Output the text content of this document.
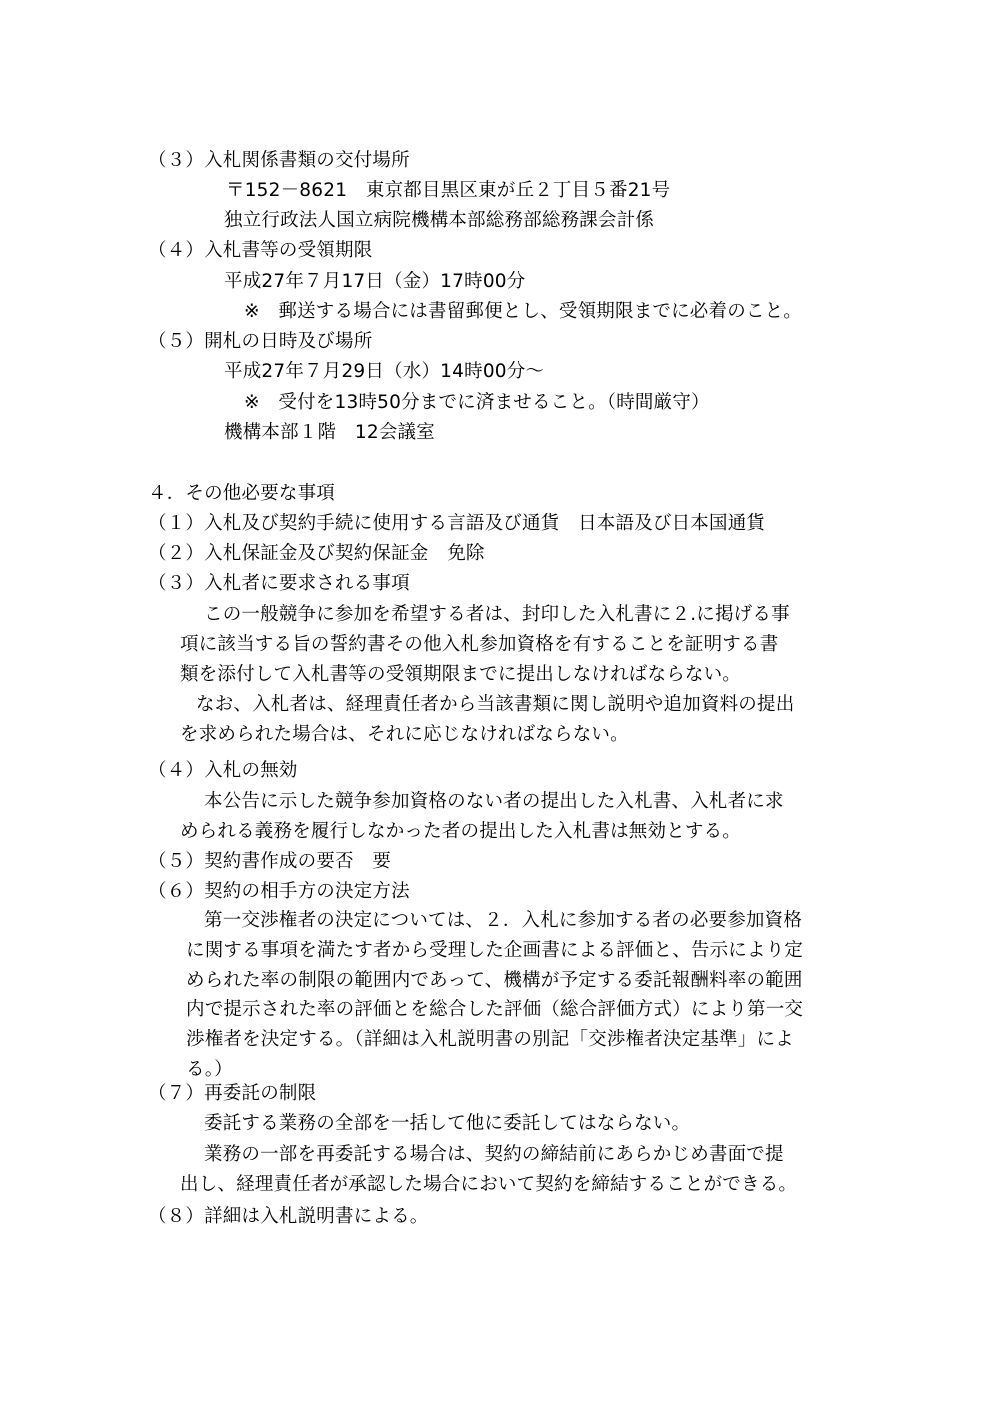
（３）入札関係書類の交付場所
〒152－8621　東京都目黒区東が丘２丁目５番21号
独立行政法人国立病院機構本部総務部総務課会計係
（４）入札書等の受領期限
平成27年７月17日（金）17時00分
※　郵送する場合には書留郵便とし、受領期限までに必着のこと。
（５）開札の日時及び場所
平成27年７月29日（水）14時00分～
※　受付を13時50分までに済ませること。（時間厳守）
機構本部１階　12会議室
４．その他必要な事項
（１）入札及び契約手続に使用する言語及び通貨　日本語及び日本国通貨
（２）入札保証金及び契約保証金　免除
（３）入札者に要求される事項
この一般競争に参加を希望する者は、封印した入札書に２.に掲げる事
項に該当する旨の誓約書その他入札参加資格を有することを証明する書
類を添付して入札書等の受領期限までに提出しなければならない。
なお、入札者は、経理責任者から当該書類に関し説明や追加資料の提出
を求められた場合は、それに応じなければならない。
（４）入札の無効
本公告に示した競争参加資格のない者の提出した入札書、入札者に求
められる義務を履行しなかった者の提出した入札書は無効とする。
（５）契約書作成の要否　要
（６）契約の相手方の決定方法
第一交渉権者の決定については、２．入札に参加する者の必要参加資格
に関する事項を満たす者から受理した企画書による評価と、告示により定
められた率の制限の範囲内であって、機構が予定する委託報酬料率の範囲
内で提示された率の評価とを総合した評価（総合評価方式）により第一交
渉権者を決定する。（詳細は入札説明書の別記「交渉権者決定基準」によ
る。）
（７）再委託の制限
委託する業務の全部を一括して他に委託してはならない。
業務の一部を再委託する場合は、契約の締結前にあらかじめ書面で提
出し、経理責任者が承認した場合において契約を締結することができる。
（８）詳細は入札説明書による。
